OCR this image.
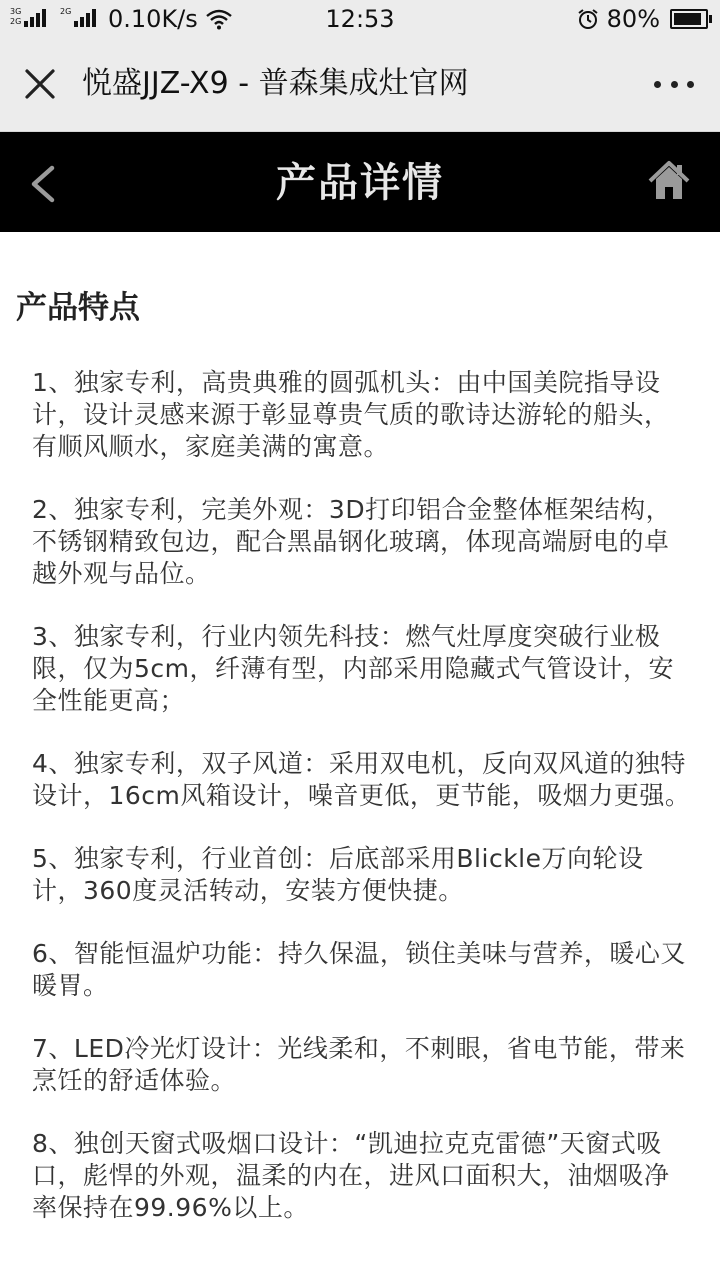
3G
2G
2G 0.10K/s	12:53	80%
悦盛JJZ-X9 - 普森集成灶官网
产品详情
产品特点
1、独家专利，高贵典雅的圆弧机头：由中国美院指导设计，设计灵感来源于彰显尊贵气质的歌诗达游轮的船头，有顺风顺水，家庭美满的寓意。
2、独家专利，完美外观：3D打印铝合金整体框架结构，不锈钢精致包边，配合黑晶钢化玻璃，体现高端厨电的卓越外观与品位。
3、独家专利，行业内领先科技：燃气灶厚度突破行业极限，仅为5cm，纤薄有型，内部采用隐藏式气管设计，安全性能更高；
4、独家专利，双子风道：采用双电机，反向双风道的独特设计，16cm风箱设计，噪音更低，更节能，吸烟力更强。
5、独家专利，行业首创：后底部采用Blickle万向轮设计，360度灵活转动，安装方便快捷。
6、智能恒温炉功能：持久保温，锁住美味与营养，暖心又暖胃。
7、LED冷光灯设计：光线柔和，不刺眼，省电节能，带来烹饪的舒适体验。
8、独创天窗式吸烟口设计：“凯迪拉克克雷德”天窗式吸口，彪悍的外观，温柔的内在，进风口面积大，油烟吸净率保持在99.96%以上。
